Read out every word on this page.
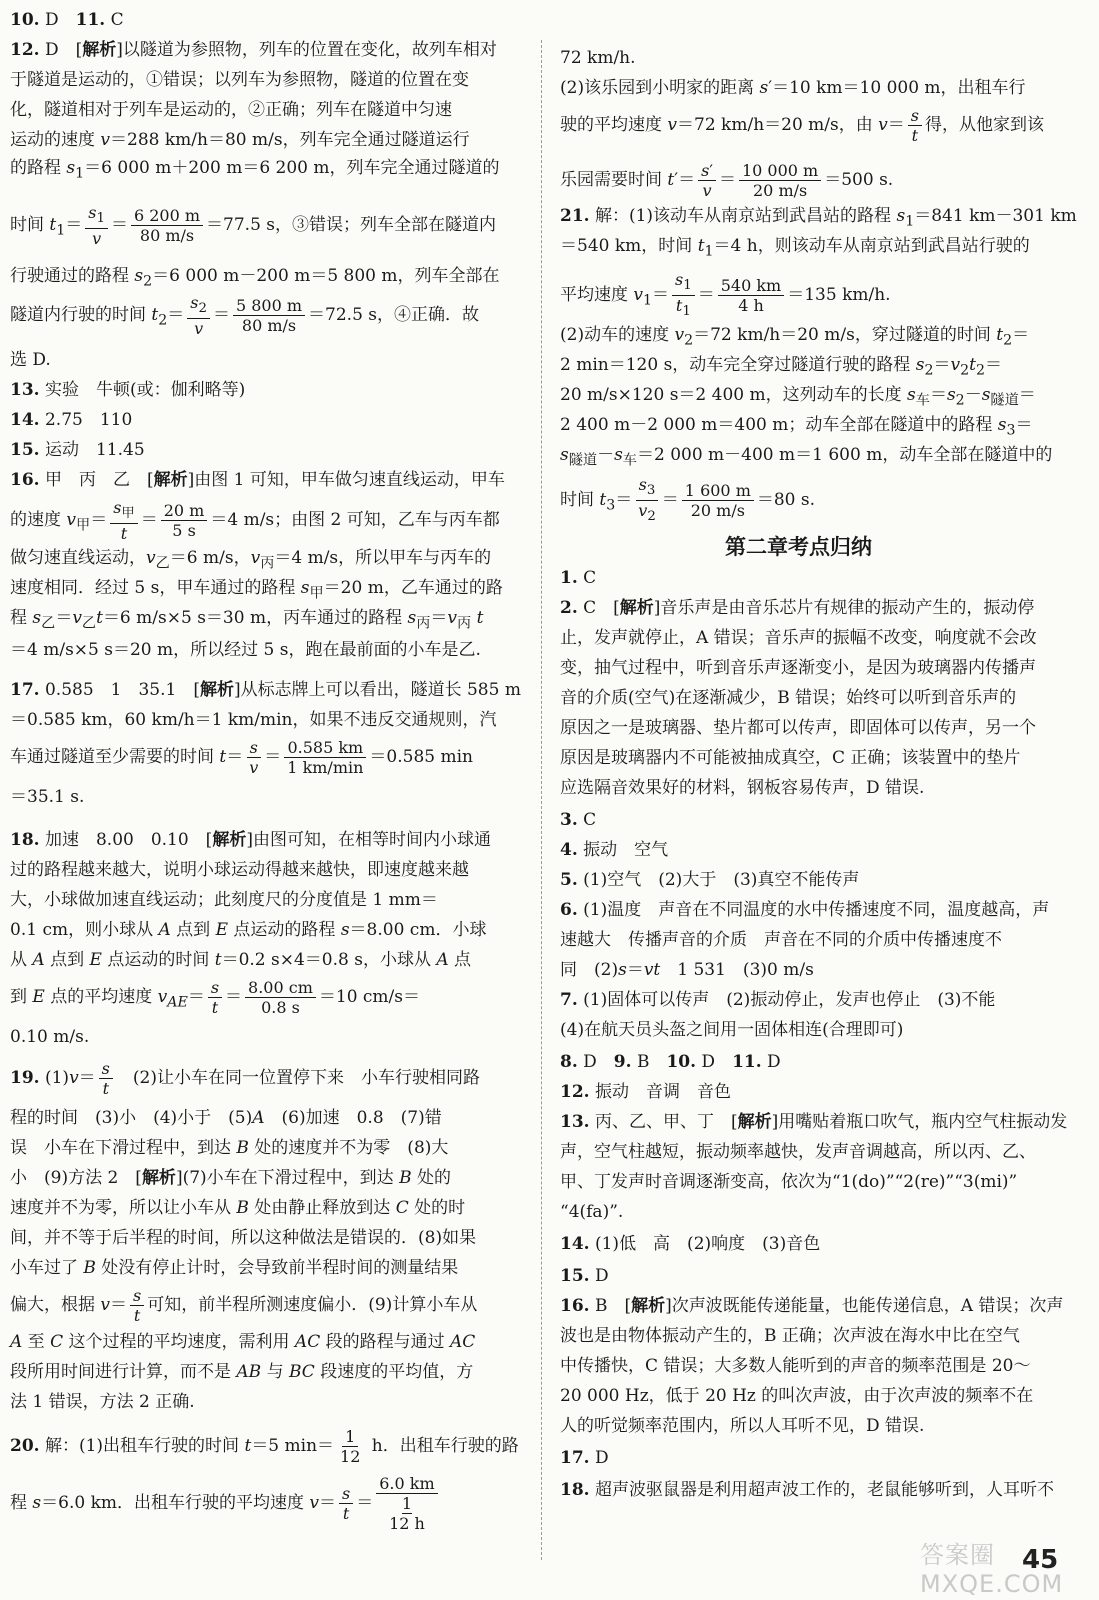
10. D　11. C
12. D　[解析]以隧道为参照物，列车的位置在变化，故列车相对
于隧道是运动的，①错误；以列车为参照物，隧道的位置在变
化，隧道相对于列车是运动的，②正确；列车在隧道中匀速
运动的速度 v＝288 km/h＝80 m/s，列车完全通过隧道运行
的路程 $s_1=6$ 000 m＋200 m＝6 200 m，列车完全通过隧道的
时间 $t_1= \frac{s_1}{v} = \frac{6 200 m}{80 m/s} =77.5$ s，③错误；列车全部在隧道内
行驶通过的路程 $s_2=6$ 000 m－200 m＝5 800 m，列车全部在
隧道内行驶的时间 $t_2= \frac{s_2}{v} = \frac{5 800 m}{80 m/s} =72.5$ s，④正确．故
选 D.
13. 实验　牛顿(或：伽利略等)
14. 2.75　110
15. 运动　11.45
16. 甲　丙　乙　[解析]由图 1 可知，甲车做匀速直线运动，甲车
的速度 $v_甲=$
$s_甲$
t
＝ $\frac{20 m}{5 s} =4$ m/s；由图 2 可知，乙车与丙车都
做匀速直线运动，$v_乙=6$ m/s，$v_丙=4$ m/s，所以甲车与丙车的
速度相同．经过 5 s，甲车通过的路程 $s_甲=20$ m，乙车通过的路
程 $s_乙=v_乙t=6$ m/s×5 s＝30 m，丙车通过的路程 $s_丙=v_丙$ t
＝4 m/s×5 s＝20 m，所以经过 5 s，跑在最前面的小车是乙.
17. 0.585　1　35.1　[解析]从标志牌上可以看出，隧道长 585 m
＝0.585 km，60 km/h＝1 km/min，如果不违反交通规则，汽
车通过隧道至少需要的时间 $t= \frac{s}{v} = 0.585$ km
1 km/min
＝0.585 min
＝35.1 s.
18. 加速　8.00　0.10　[解析]由图可知，在相等时间内小球通
过的路程越来越大，说明小球运动得越来越快，即速度越来越
大，小球做加速直线运动；此刻度尺的分度值是 1 mm＝
0.1 cm，则小球从 A 点到 E 点运动的路程 s＝8.00 cm．小球
从 A 点到 E 点运动的时间 t＝0.2 s×4＝0.8 s，小球从 A 点
到 E 点的平均速度 $v_{AE}= \frac{s}{t} = \frac{8.00 cm}{0.8 s} =10$ cm/s＝
0.10 m/s.
19. $(1)v= \frac{s}{t}$ 　(2)让小车在同一位置停下来　小车行驶相同路
程的时间　(3)小　(4)小于　(5)A　(6)加速　0.8　(7)错
误　小车在下滑过程中，到达 B 处的速度并不为零　(8)大
小　(9)方法 2　[解析](7)小车在下滑过程中，到达 B 处的
速度并不为零，所以让小车从 B 处由静止释放到达 C 处的时
间，并不等于后半程的时间，所以这种做法是错误的．(8)如果
小车过了 B 处没有停止计时，会导致前半程时间的测量结果
偏大，根据 $v= \frac{s}{t}$ 可知，前半程所测速度偏小．(9)计算小车从
A 至 C 这个过程的平均速度，需利用 AC 段的路程与通过 AC
段所用时间进行计算，而不是 AB 与 BC 段速度的平均值，方
法 1 错误，方法 2 正确.
20. 解：(1)出租车行驶的时间 t＝5 $\min= \frac{1}{12}$ h．出租车行驶的路
程 s＝6.0 km．出租车行驶的平均速度 $v= \frac{s}{t} = 6.0$ km
1
12 h
72 km/h.
(2)该乐园到小明家的距离 s′＝10 km＝10 000 m，出租车行
驶的平均速度 v＝72 km/h＝20 m/s，由 $v= \frac{s}{t}$ 得，从他家到该
乐园需要时间 $t'= \frac{s'}{v} = \frac{10 000 m}{20 m/s} =500$ s.
21. 解：(1)该动车从南京站到武昌站的路程 $s_1=841$ km－301 km
＝540 km，时间 $t_1=4$ h，则该动车从南京站到武昌站行驶的
平均速度 $v_1= \frac{s_1}{t_1} = \frac{540 km}{4 h} =135$ km/h.
(2)动车的速度 $v_2=72$ km/h＝20 m/s，穿过隧道的时间 $t_2=$
2 min＝120 s，动车完全穿过隧道行驶的路程 $s_2=v_2t_2=$
20 m/s×120 s＝2 400 m，这列动车的长度 $s_车=s_2-s_{隧道}=$
2 400 m－2 000 m＝400 m；动车全部在隧道中的路程 $s_3=$
$s_{隧道}-s_车=2$ 000 m－400 m＝1 600 m，动车全部在隧道中的
时间 $t_3= \frac{s_3}{v_2} = \frac{1 600 m}{20 m/s} =80$ s.
1. C
2. C　[解析]音乐声是由音乐芯片有规律的振动产生的，振动停
止，发声就停止，A 错误；音乐声的振幅不改变，响度就不会改
变，抽气过程中，听到音乐声逐渐变小，是因为玻璃器内传播声
音的介质(空气)在逐渐减少，B 错误；始终可以听到音乐声的
原因之一是玻璃器、垫片都可以传声，即固体可以传声，另一个
原因是玻璃器内不可能被抽成真空，C 正确；该装置中的垫片
应选隔音效果好的材料，钢板容易传声，D 错误.
3. C
4. 振动　空气
5. (1)空气　(2)大于　(3)真空不能传声
6. (1)温度　声音在不同温度的水中传播速度不同，温度越高，声
速越大　传播声音的介质　声音在不同的介质中传播速度不
同　(2)s＝vt　1 531　(3)0 m/s
7. (1)固体可以传声　(2)振动停止，发声也停止　(3)不能
(4)在航天员头盔之间用一固体相连(合理即可)
8. D　9. B　10. D　11. D
12. 振动　音调　音色
13. 丙、乙、甲、丁　[解析]用嘴贴着瓶口吹气，瓶内空气柱振动发
声，空气柱越短，振动频率越快，发声音调越高，所以丙、乙、
甲、丁发声时音调逐渐变高，依次为“1(do)”“2(re)”“3(mi)”
“4(fa)”.
14. (1)低　高　(2)响度　(3)音色
15. D
16. B　[解析]次声波既能传递能量，也能传递信息，A 错误；次声
波也是由物体振动产生的，B 正确；次声波在海水中比在空气
中传播快，C 错误；大多数人能听到的声音的频率范围是 20～
20 000 Hz，低于 20 Hz 的叫次声波，由于次声波的频率不在
人的听觉频率范围内，所以人耳听不见，D 错误.
17. D
18. 超声波驱鼠器是利用超声波工作的，老鼠能够听到，人耳听不
第二章考点归纳
答案圈 MXQE.COM
45
